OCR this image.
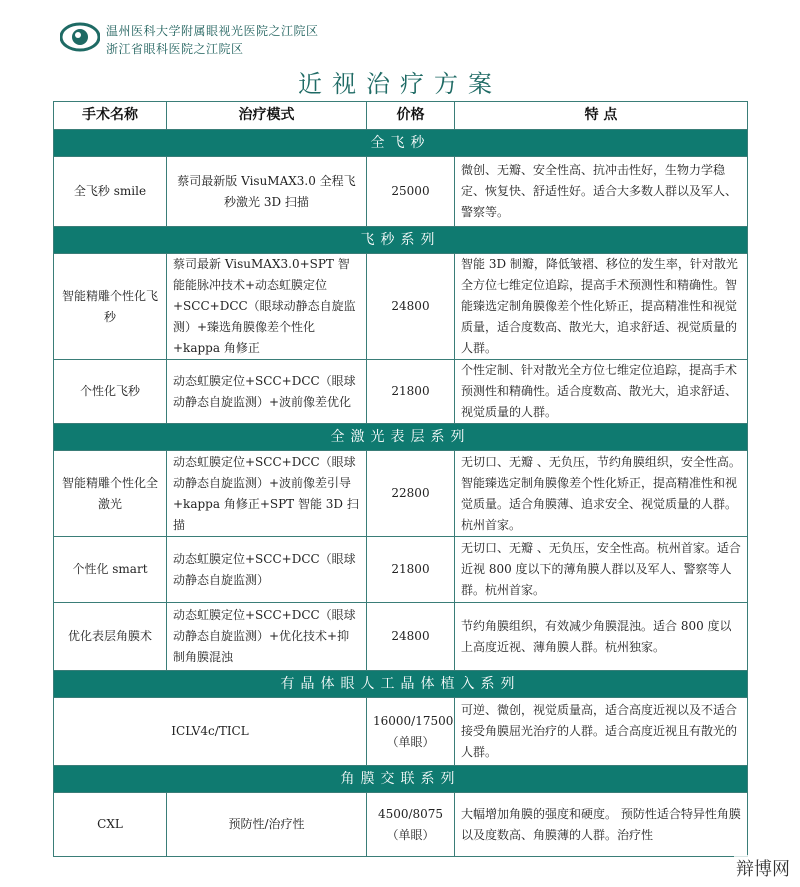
温州医科大学附属眼视光医院之江院区
浙江省眼科医院之江院区
近视治疗方案
手术名称	治疗模式	价格	特 点
全飞秒			
全飞秒 smile	蔡司最新版 VisuMAX3.0 全程飞秒激光 3D 扫描	25000	微创、无瓣、安全性高、抗冲击性好，生物力学稳定、恢复快、舒适性好。适合大多数人群以及军人、警察等。
飞秒系列			
智能精雕个性化飞秒	蔡司最新 VisuMAX3.0+SPT 智能能脉冲技术+动态虹膜定位+SCC+DCC（眼球动静态自旋监测）+臻选角膜像差个性化+kappa 角修正	24800	智能 3D 制瓣，降低皱褶、移位的发生率，针对散光全方位七维定位追踪，提高手术预测性和精确性。智能臻选定制角膜像差个性化矫正，提高精准性和视觉质量，适合度数高、散光大，追求舒适、视觉质量的人群。
个性化飞秒	动态虹膜定位+SCC+DCC（眼球动静态自旋监测）+波前像差优化	21800	个性定制、针对散光全方位七维定位追踪，提高手术预测性和精确性。适合度数高、散光大，追求舒适、视觉质量的人群。
全激光表层系列			
智能精雕个性化全激光	动态虹膜定位+SCC+DCC（眼球动静态自旋监测）+波前像差引导+kappa 角修正+SPT 智能 3D 扫描	22800	无切口、无瓣 、无负压，节约角膜组织，安全性高。智能臻选定制角膜像差个性化矫正，提高精准性和视觉质量。适合角膜薄、追求安全、视觉质量的人群。杭州首家。
个性化 smart	动态虹膜定位+SCC+DCC（眼球动静态自旋监测）	21800	无切口、无瓣 、无负压，安全性高。杭州首家。适合近视 800 度以下的薄角膜人群以及军人、警察等人群。杭州首家。
优化表层角膜术	动态虹膜定位+SCC+DCC（眼球动静态自旋监测）+优化技术+抑制角膜混浊	24800	节约角膜组织，有效减少角膜混浊。适合 800 度以上高度近视、薄角膜人群。杭州独家。
有晶体眼人工晶体植入系列			
ICLV4c/TICL		16000/17500（单眼）	可逆、微创，视觉质量高，适合高度近视以及不适合接受角膜屈光治疗的人群。适合高度近视且有散光的人群。
角膜交联系列			
CXL	预防性/治疗性	4500/8075（单眼）	大幅增加角膜的强度和硬度。 预防性适合特异性角膜以及度数高、角膜薄的人群。治疗性
辩博网
